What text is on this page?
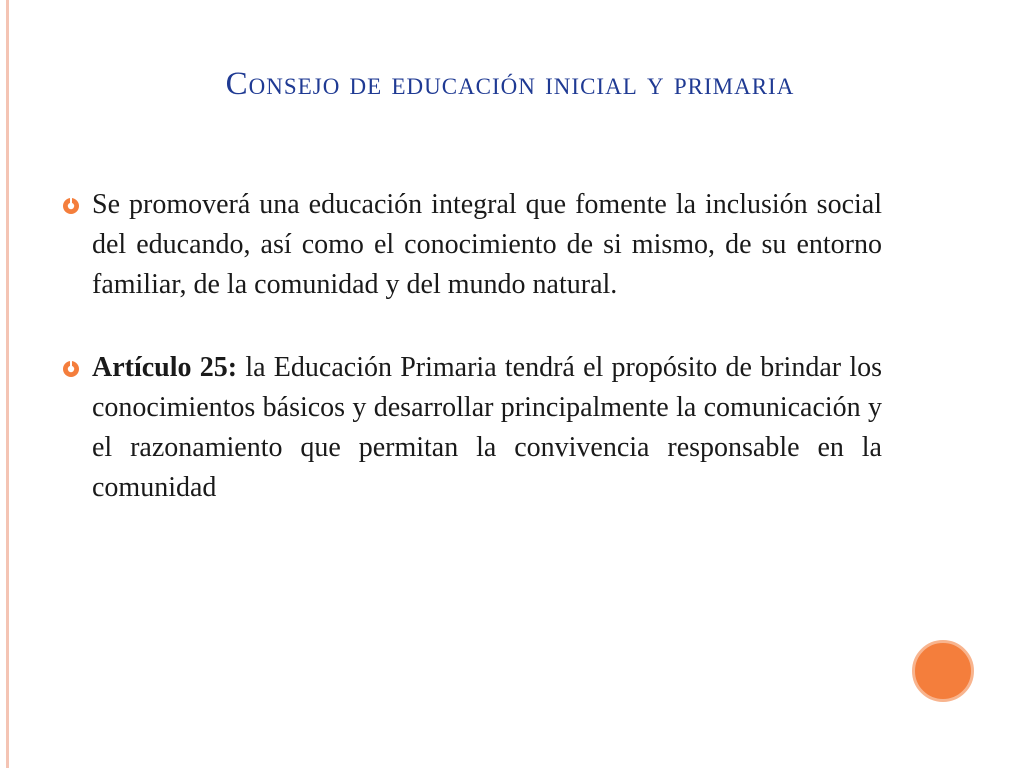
Consejo de educación inicial y primaria
Se promoverá una educación integral que fomente la inclusión social del educando, así como el conocimiento de si mismo, de su entorno familiar, de la comunidad y del mundo natural.
Artículo 25: la Educación Primaria tendrá el propósito de brindar los conocimientos básicos y desarrollar principalmente la comunicación y el razonamiento que permitan la convivencia responsable en la comunidad
